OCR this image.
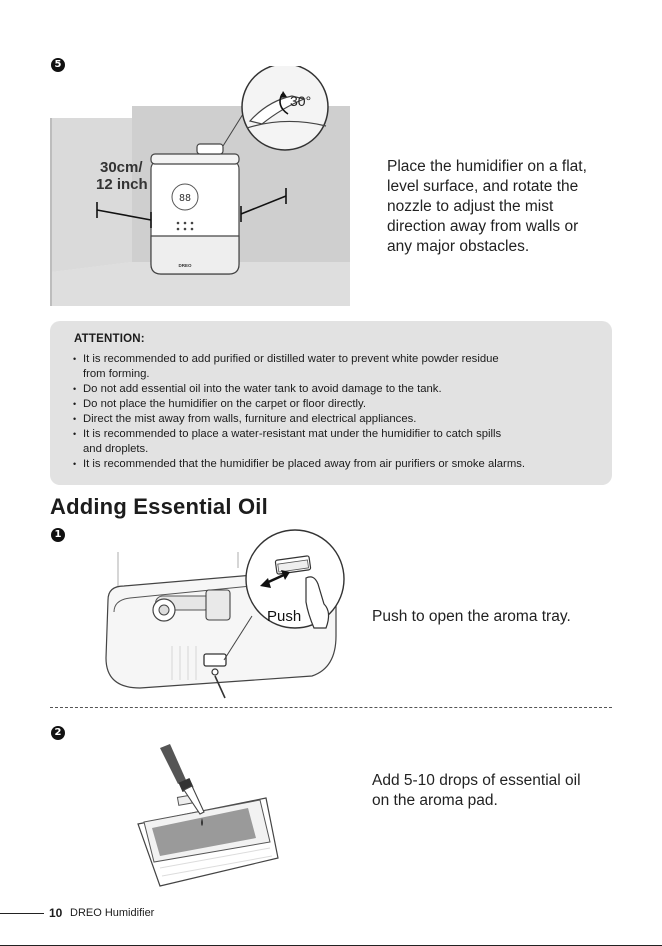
5
88
DREO
30cm/
12 inch
30°
Place the humidifier on a flat,
level surface, and rotate the
nozzle to adjust the mist
direction away from walls or
any major obstacles.
ATTENTION:
• It is recommended to add purified or distilled water to prevent white powder residue
from forming.
• Do not add essential oil into the water tank to avoid damage to the tank.
• Do not place the humidifier on the carpet or floor directly.
• Direct the mist away from walls, furniture and electrical appliances.
• It is recommended to place a water-resistant mat under the humidifier to catch spills
and droplets.
• It is recommended that the humidifier be placed away from air purifiers or smoke alarms.
Adding Essential Oil
1
Push	Push to open the aroma tray.
2
Add 5-10 drops of essential oil
on the aroma pad.
10 DREO Humidifier
